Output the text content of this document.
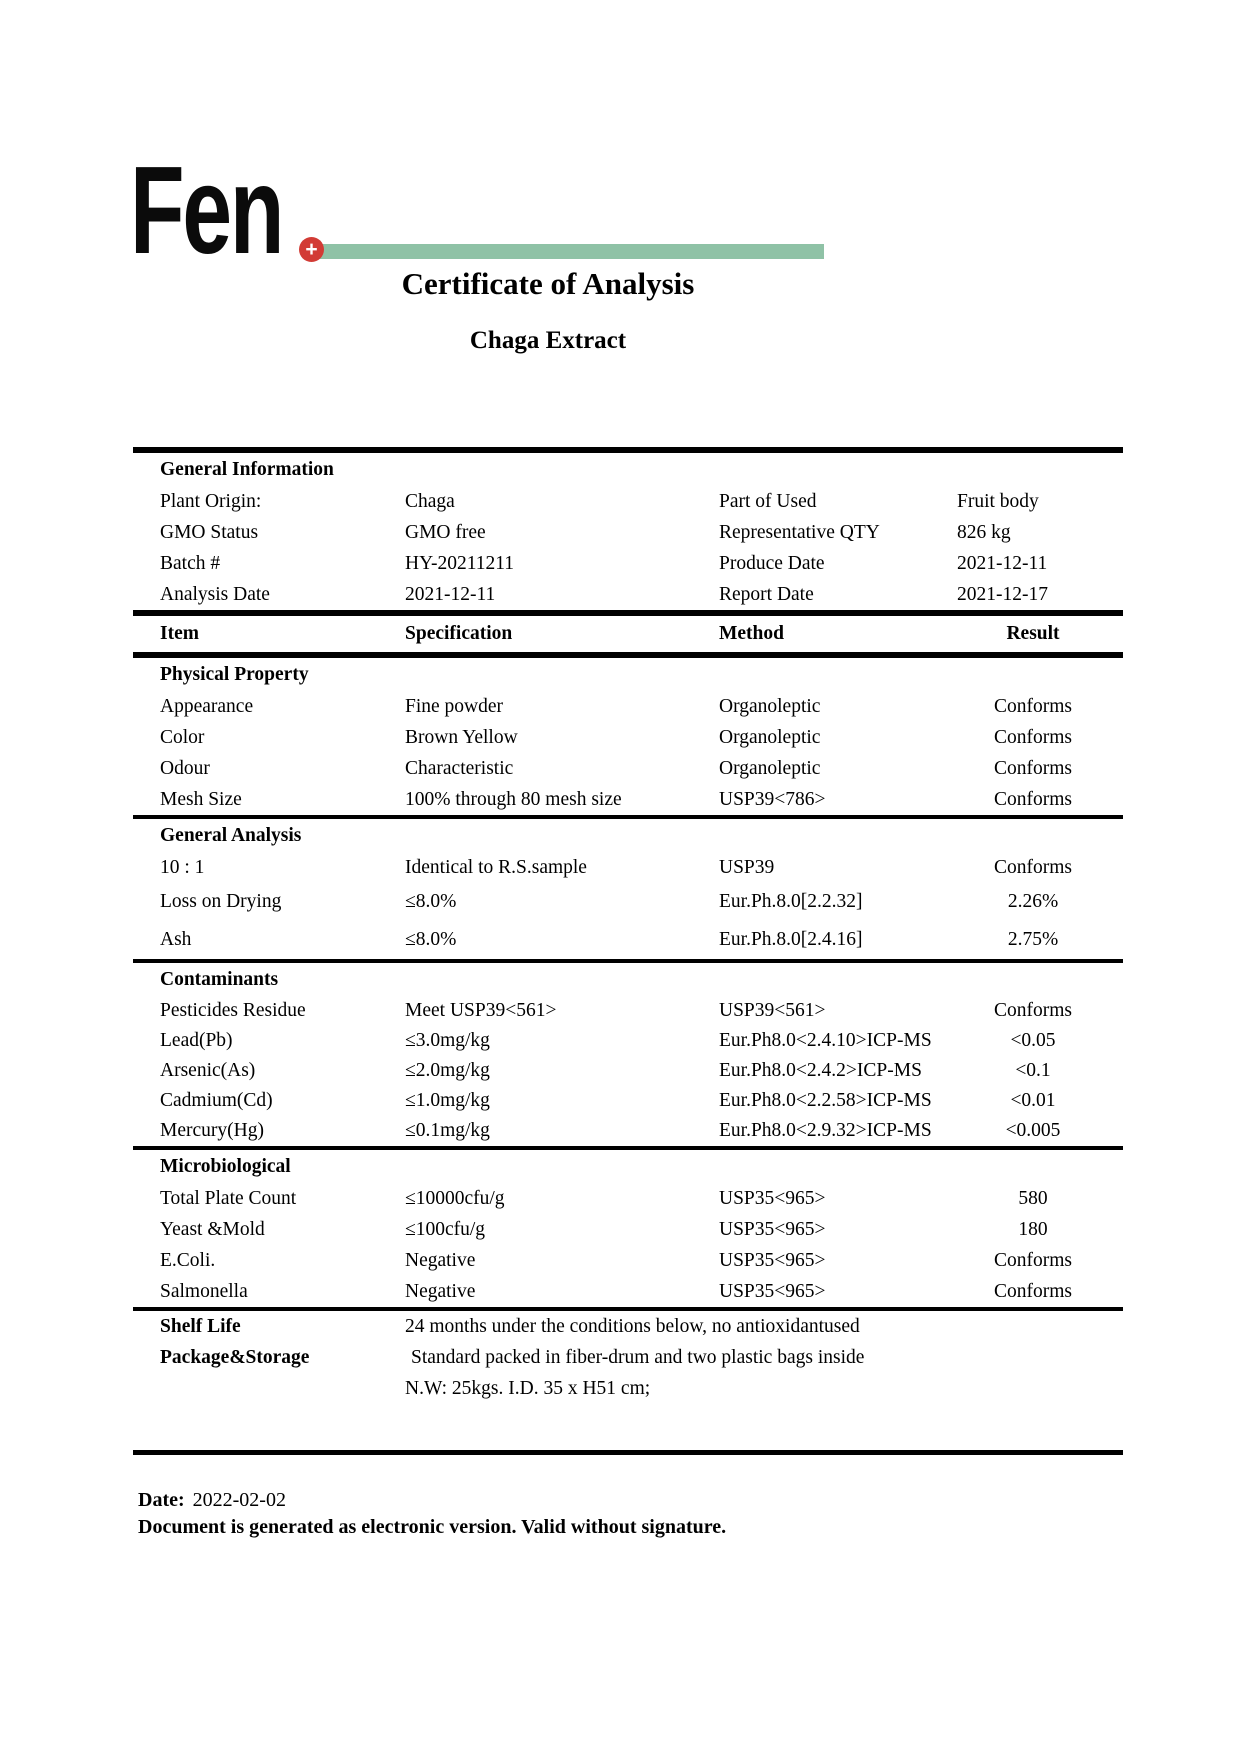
Fen	+
Certificate of Analysis
Chaga Extract
General Information
Plant Origin:	Chaga	Part of Used	Fruit body
GMO Status	GMO free	Representative QTY	826 kg
Batch #	HY-20211211	Produce Date	2021-12-11
Analysis Date	2021-12-11	Report Date	2021-12-17
Item	Specification	Method	Result
Physical Property
Appearance	Fine powder	Organoleptic	Conforms
Color	Brown Yellow	Organoleptic	Conforms
Odour	Characteristic	Organoleptic	Conforms
Mesh Size	100% through 80 mesh size	USP39<786>	Conforms
General Analysis
10 : 1	Identical to R.S.sample	USP39	Conforms
Loss on Drying	≤8.0%	Eur.Ph.8.0[2.2.32]	2.26%
Ash	≤8.0%	Eur.Ph.8.0[2.4.16]	2.75%
Contaminants
Pesticides Residue	Meet USP39<561>	USP39<561>	Conforms
Lead(Pb)	≤3.0mg/kg	Eur.Ph8.0<2.4.10>ICP-MS	<0.05
Arsenic(As)	≤2.0mg/kg	Eur.Ph8.0<2.4.2>ICP-MS	<0.1
Cadmium(Cd)	≤1.0mg/kg	Eur.Ph8.0<2.2.58>ICP-MS	<0.01
Mercury(Hg)	≤0.1mg/kg	Eur.Ph8.0<2.9.32>ICP-MS	<0.005
Microbiological
Total Plate Count	≤10000cfu/g	USP35<965>	580
Yeast &Mold	≤100cfu/g	USP35<965>	180
E.Coli.	Negative	USP35<965>	Conforms
Salmonella	Negative	USP35<965>	Conforms
Shelf Life	24 months under the conditions below, no antioxidantused
Package&Storage	Standard packed in fiber-drum and two plastic bags inside
N.W: 25kgs. I.D. 35 x H51 cm;
Date: 2022-02-02
Document is generated as electronic version. Valid without signature.
